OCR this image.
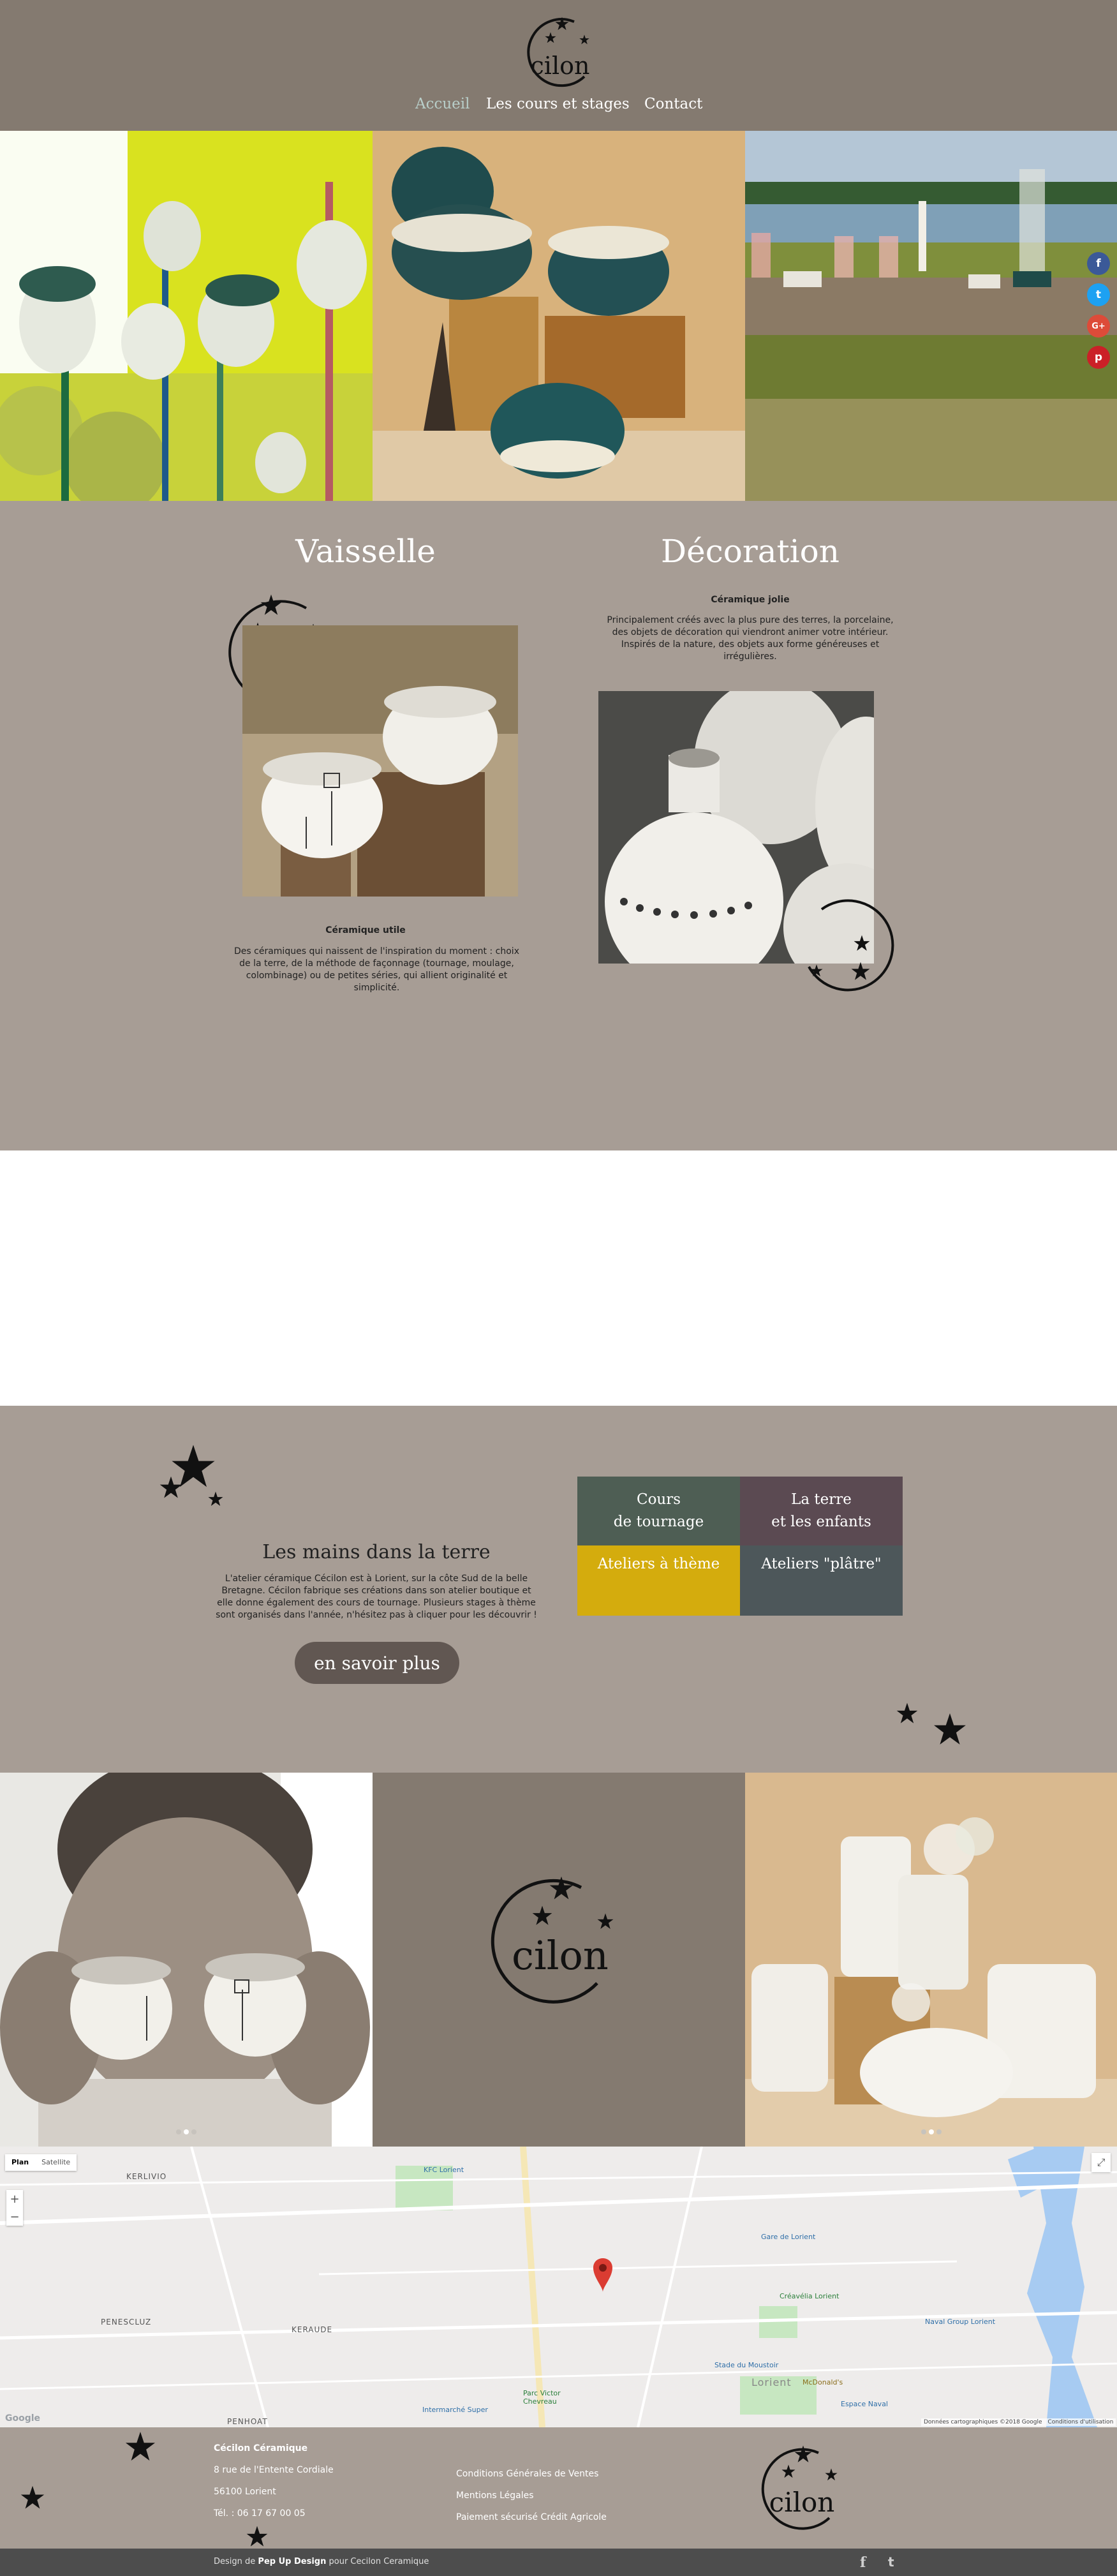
cilon
Accueil Les cours et stages Contact
f
t
G+
p
Vaisselle	Décoration
Céramique utile
Des céramiques qui naissent de l'inspiration du moment : choix de la terre, de la méthode de façonnage (tournage, moulage, colombinage) ou de petites séries, qui allient originalité et simplicité.
Céramique jolie
Principalement créés avec la plus pure des terres, la porcelaine, des objets de décoration qui viendront animer votre intérieur. Inspirés de la nature, des objets aux forme généreuses et irrégulières.
Les mains dans la terre
L'atelier céramique Cécilon est à Lorient, sur la côte Sud de la belle Bretagne. Cécilon fabrique ses créations dans son atelier boutique et elle donne également des cours de tournage. Plusieurs stages à thème sont organisés dans l'année, n'hésitez pas à cliquer pour les découvrir !
en savoir plus
Cours
de tournage
La terre
et les enfants
Ateliers à thème	Ateliers "plâtre"
cilon
Plan	Satellite	⤢
+
−
KERLIVIO
PENESCLUZ
KERAUDE
PENHOAT
Lorient
KFC Lorient
Gare de Lorient
Naval Group Lorient
Créavélia Lorient
Stade du Moustoir
McDonald's
Espace Naval
Intermarché Super
Parc Victor Chevreau
Google	Données cartographiques ©2018 Google Conditions d'utilisation
Cécilon Céramique
8 rue de l'Entente Cordiale
56100 Lorient
Tél. : 06 17 67 00 05
Conditions Générales de Ventes
Mentions Légales
Paiement sécurisé Crédit Agricole	cilon
Design de Pep Up Design pour Cecilon Ceramique	f t
